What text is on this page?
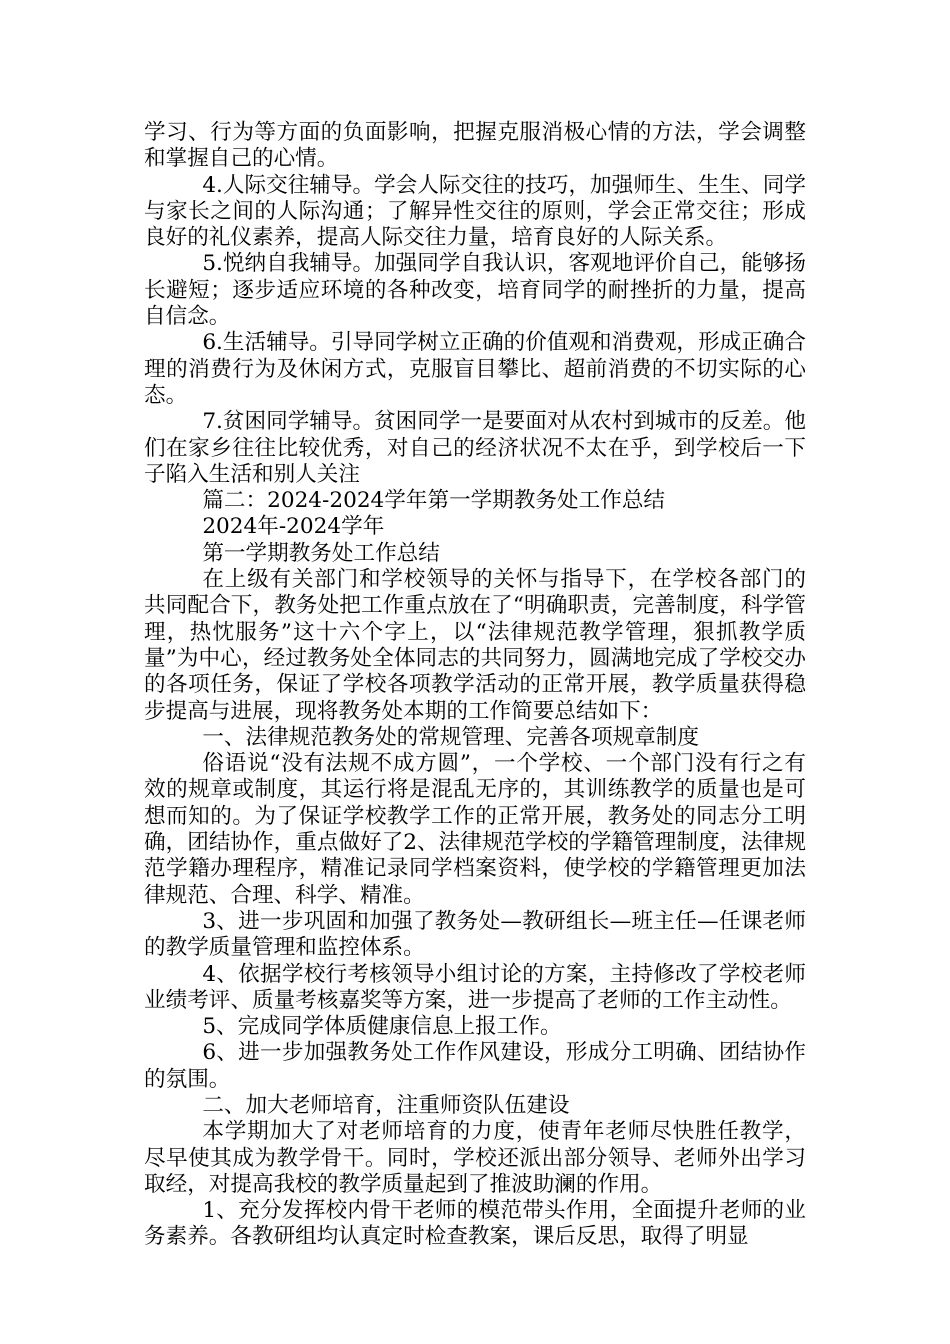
学习、行为等方面的负面影响，把握克服消极心情的方法，学会调整和掌握自己的心情。

4.人际交往辅导。学会人际交往的技巧，加强师生、生生、同学与家长之间的人际沟通；了解异性交往的原则，学会正常交往；形成良好的礼仪素养，提高人际交往力量，培育良好的人际关系。

5.悦纳自我辅导。加强同学自我认识，客观地评价自己，能够扬长避短；逐步适应环境的各种改变，培育同学的耐挫折的力量，提高自信念。

6.生活辅导。引导同学树立正确的价值观和消费观，形成正确合理的消费行为及休闲方式，克服盲目攀比、超前消费的不切实际的心态。

7.贫困同学辅导。贫困同学一是要面对从农村到城市的反差。他们在家乡往往比较优秀，对自己的经济状况不太在乎，到学校后一下子陷入生活和别人关注

篇二：2024-2024学年第一学期教务处工作总结

2024年-2024学年

第一学期教务处工作总结

在上级有关部门和学校领导的关怀与指导下，在学校各部门的共同配合下，教务处把工作重点放在了“明确职责，完善制度，科学管理，热忱服务”这十六个字上，以“法律规范教学管理，狠抓教学质量”为中心，经过教务处全体同志的共同努力，圆满地完成了学校交办的各项任务，保证了学校各项教学活动的正常开展，教学质量获得稳步提高与进展，现将教务处本期的工作简要总结如下：

一、法律规范教务处的常规管理、完善各项规章制度

俗语说“没有法规不成方圆”，一个学校、一个部门没有行之有效的规章或制度，其运行将是混乱无序的，其训练教学的质量也是可想而知的。为了保证学校教学工作的正常开展，教务处的同志分工明确，团结协作，重点做好了2、法律规范学校的学籍管理制度，法律规范学籍办理程序，精准记录同学档案资料，使学校的学籍管理更加法律规范、合理、科学、精准。

3、进一步巩固和加强了教务处—教研组长—班主任—任课老师的教学质量管理和监控体系。

4、依据学校行考核领导小组讨论的方案，主持修改了学校老师业绩考评、质量考核嘉奖等方案，进一步提高了老师的工作主动性。

5、完成同学体质健康信息上报工作。

6、进一步加强教务处工作作风建设，形成分工明确、团结协作的氛围。

二、加大老师培育，注重师资队伍建设

本学期加大了对老师培育的力度，使青年老师尽快胜任教学，尽早使其成为教学骨干。同时，学校还派出部分领导、老师外出学习取经，对提高我校的教学质量起到了推波助澜的作用。

1、充分发挥校内骨干老师的模范带头作用，全面提升老师的业务素养。各教研组均认真定时检查教案，课后反思，取得了明显
